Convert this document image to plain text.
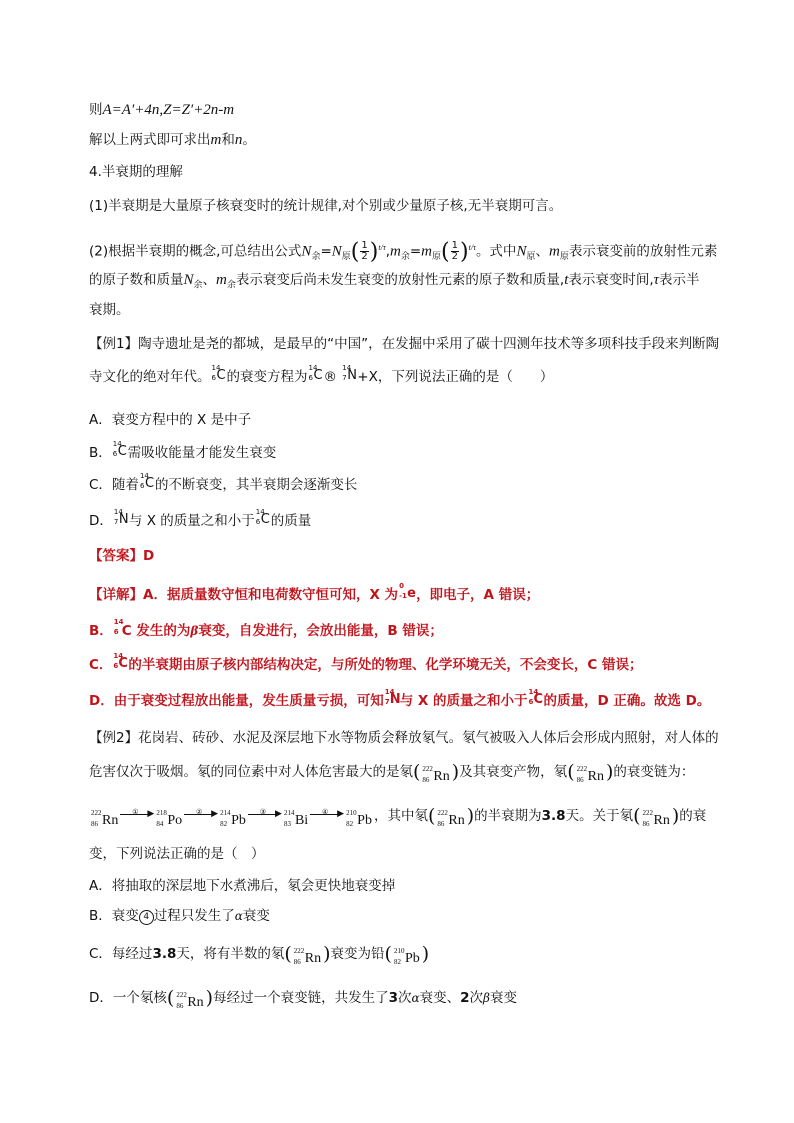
则A=A′+4n,Z=Z′+2n-m
解以上两式即可求出m和n。
4.半衰期的理解
(1)半衰期是大量原子核衰变时的统计规律,对个别或少量原子核,无半衰期可言。
(2)根据半衰期的概念,可总结出公式$N_余=N_原( \frac{1}{2})^{t/\tau},m_余=m_原( \frac{1}{2})^{t/\tau}$。式中$N_原$、$m_原$表示衰变前的放射性元素
的原子数和质量$N_余$、$m_余$表示衰变后尚未发生衰变的放射性元素的原子数和质量,t表示衰变时间,τ表示半
衰期。
【例1】陶寺遗址是尧的都城，是最早的“中国”，在发掘中采用了碳十四测年技术等多项科技手段来判断陶
寺文化的绝对年代。
14
6 C 的衰变方程为
14
6 C ®
14
7 N +X，下列说法正确的是（　　）
A．衰变方程中的 X 是中子
B．
14
6 C 需吸收能量才能发生衰变
C．随着
14
6 C 的不断衰变，其半衰期会逐渐变长
D．
14
7 N 与 X 的质量之和小于
14
6 C 的质量
【答案】D
【详解】A．据质量数守恒和电荷数守恒可知，X 为
0
-1 e ，即电子，A 错误；
B．
14
6 C 发生的为β衰变，自发进行，会放出能量，B 错误；
C．
14
6 C 的半衰期由原子核内部结构决定，与所处的物理、化学环境无关，不会变长，C 错误；
D．由于衰变过程放出能量，发生质量亏损，可知
14
7 N 与 X 的质量之和小于
14
6 C 的质量，D 正确。故选 D。
【例2】花岗岩、砖砂、水泥及深层地下水等物质会释放氡气。氡气被吸入人体后会形成内照射，对人体的
危害仅次于吸烟。氡的同位素中对人体危害最大的是氡( 222
86 Rn )及其衰变产物，氡( 222
86 Rn )的衰变链为：
222
86 Rn
① ▶ 218
84 Po
② ▶ 214
82 Pb
③ ▶ 214
83 Bi
④ ▶ 210
82 Pb ，其中氡( 222
86 Rn )的半衰期为3.8天。关于氡( 222
86 Rn )的衰
变，下列说法正确的是（　）
A．将抽取的深层地下水煮沸后，氡会更快地衰变掉
B．衰变 4 过程只发生了α衰变
C．每经过3.8天，将有半数的氡( 222
86 Rn )衰变为铅( 210
82 Pb )
D．一个氡核( 222
86 Rn )每经过一个衰变链，共发生了3次α衰变、2次β衰变
